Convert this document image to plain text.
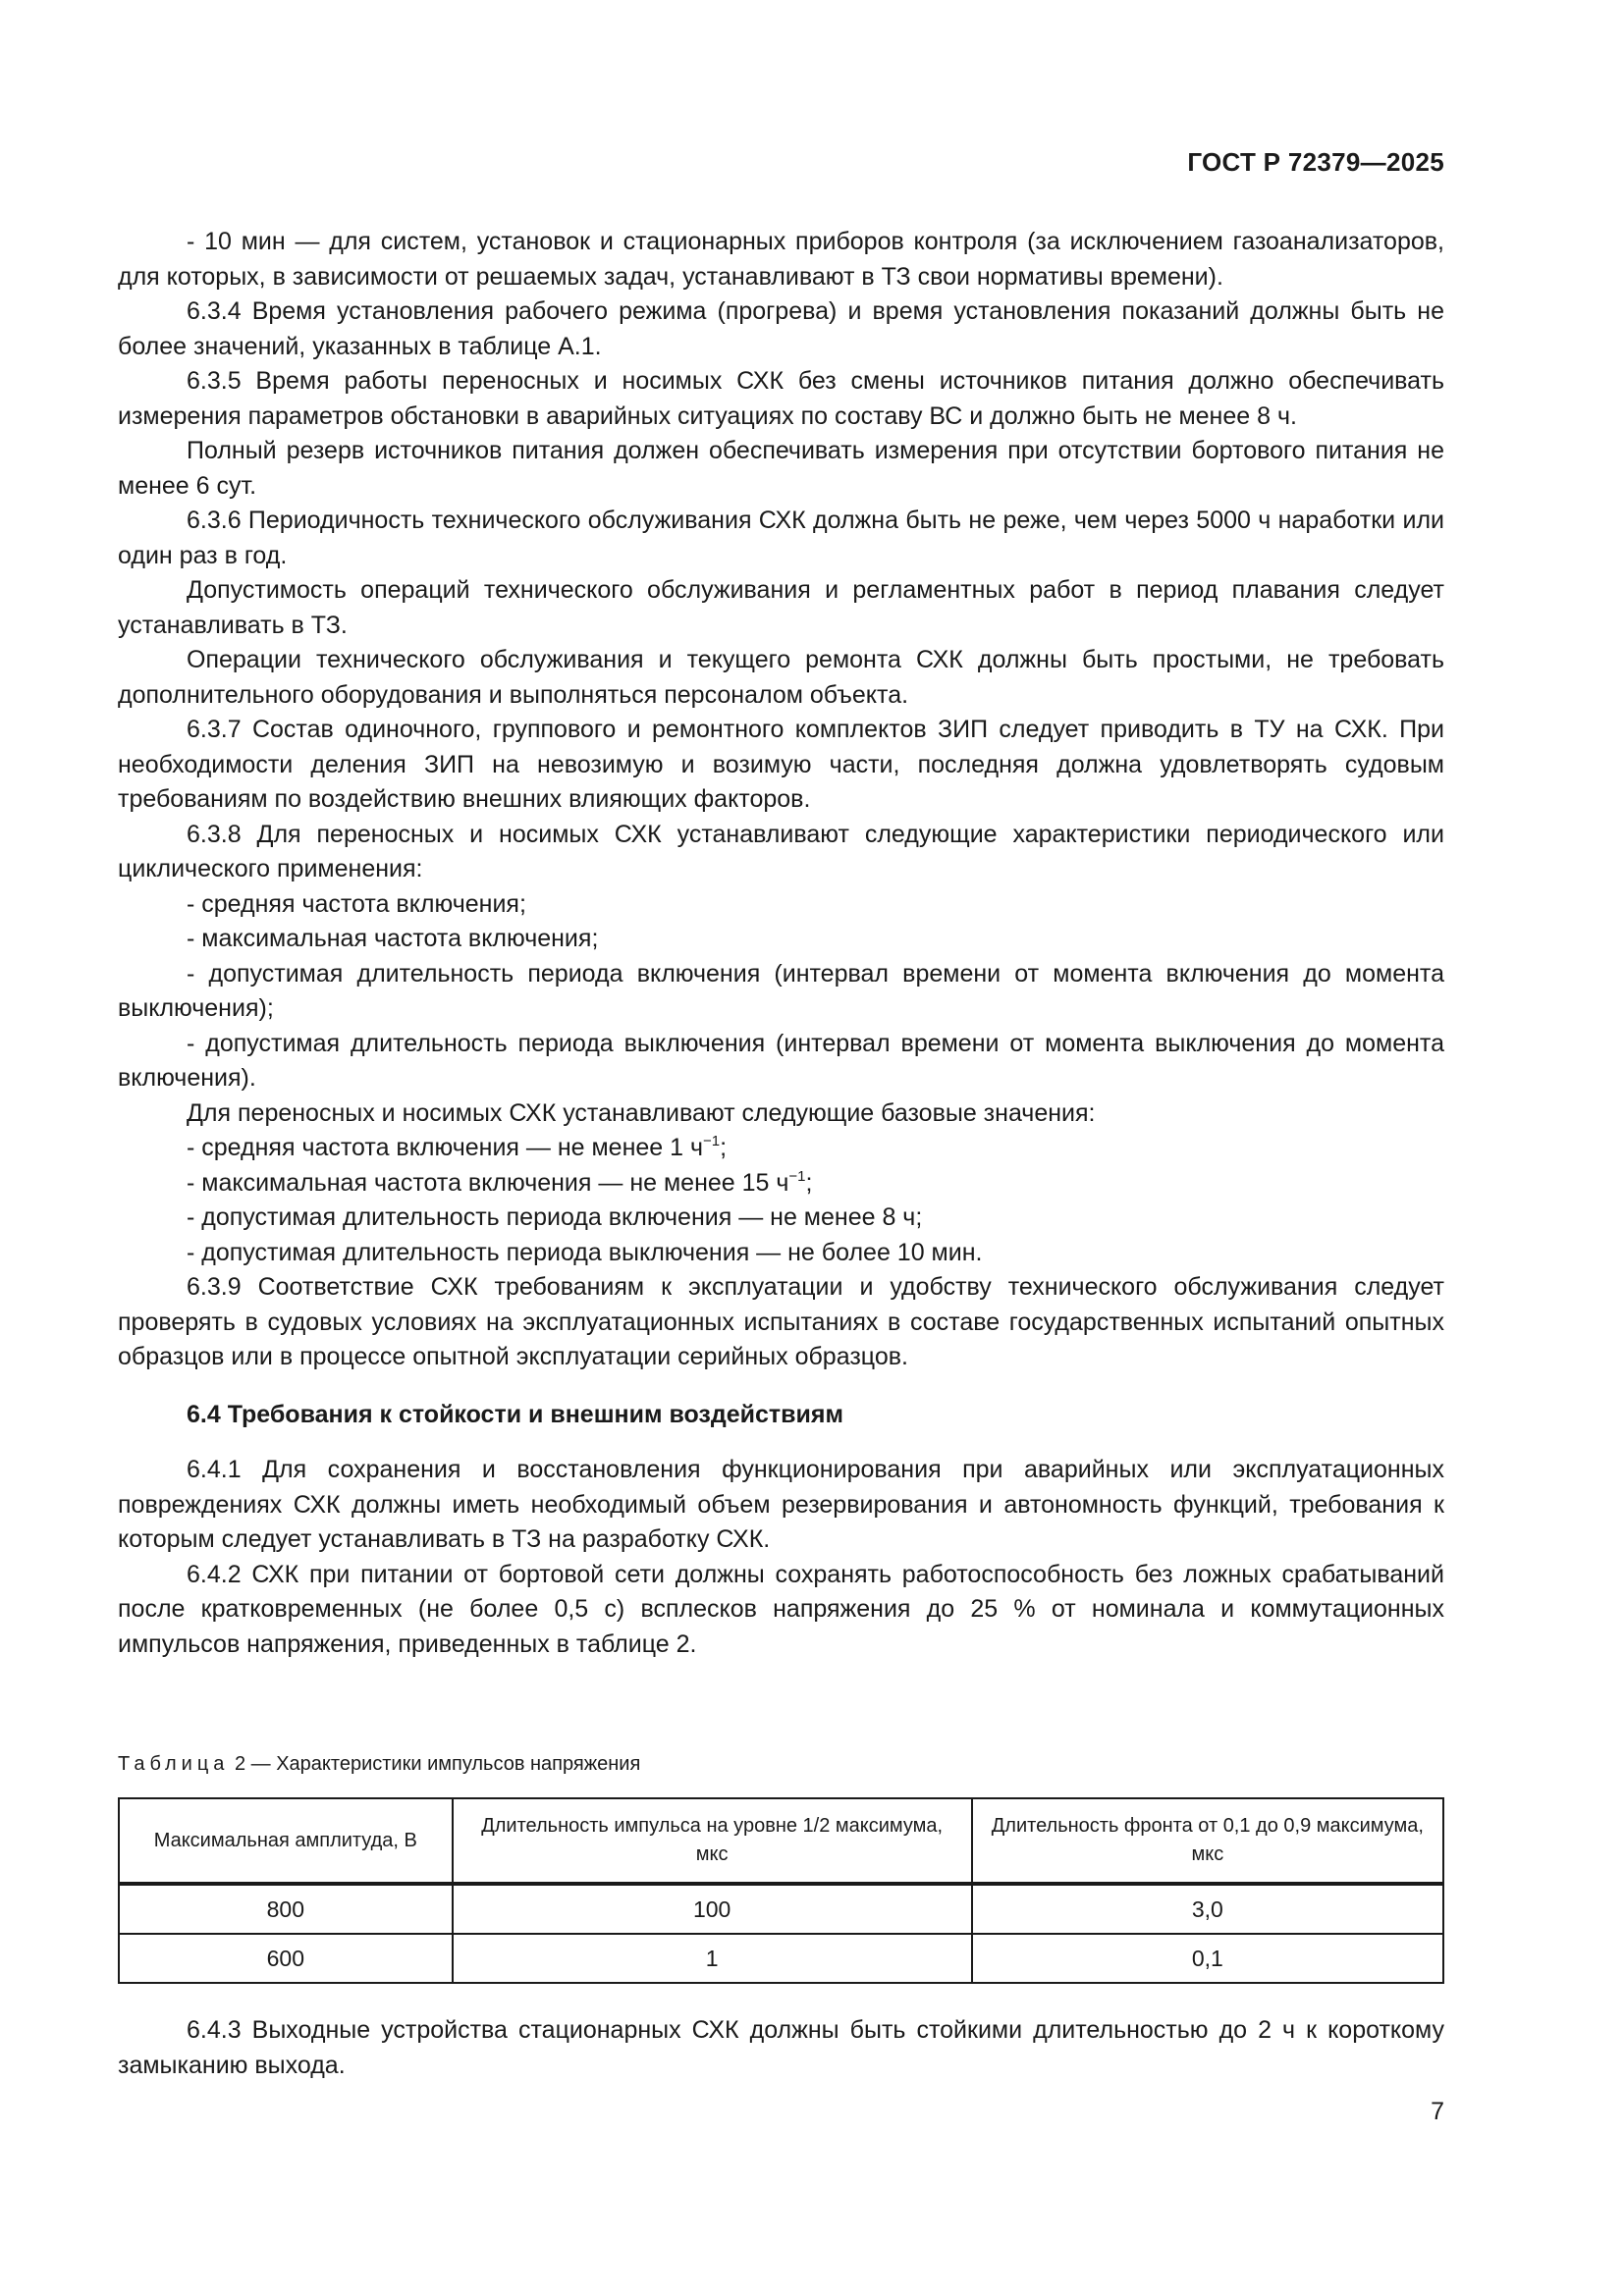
ГОСТ Р 72379—2025

- 10 мин — для систем, установок и стационарных приборов контроля (за исключением газоанализаторов, для которых, в зависимости от решаемых задач, устанавливают в ТЗ свои нормативы времени).

6.3.4 Время установления рабочего режима (прогрева) и время установления показаний должны быть не более значений, указанных в таблице А.1.

6.3.5 Время работы переносных и носимых СХК без смены источников питания должно обеспечивать измерения параметров обстановки в аварийных ситуациях по составу ВС и должно быть не менее 8 ч.

Полный резерв источников питания должен обеспечивать измерения при отсутствии бортового питания не менее 6 сут.

6.3.6 Периодичность технического обслуживания СХК должна быть не реже, чем через 5000 ч наработки или один раз в год.

Допустимость операций технического обслуживания и регламентных работ в период плавания следует устанавливать в ТЗ.

Операции технического обслуживания и текущего ремонта СХК должны быть простыми, не требовать дополнительного оборудования и выполняться персоналом объекта.

6.3.7 Состав одиночного, группового и ремонтного комплектов ЗИП следует приводить в ТУ на СХК. При необходимости деления ЗИП на невозимую и возимую части, последняя должна удовлетворять судовым требованиям по воздействию внешних влияющих факторов.

6.3.8 Для переносных и носимых СХК устанавливают следующие характеристики периодического или циклического применения:

- средняя частота включения;

- максимальная частота включения;

- допустимая длительность периода включения (интервал времени от момента включения до момента выключения);

- допустимая длительность периода выключения (интервал времени от момента выключения до момента включения).

Для переносных и носимых СХК устанавливают следующие базовые значения:

- средняя частота включения — не менее 1 $ч^{-1}$;

- максимальная частота включения — не менее 15 $ч^{-1}$;

- допустимая длительность периода включения — не менее 8 ч;

- допустимая длительность периода выключения — не более 10 мин.

6.3.9 Соответствие СХК требованиям к эксплуатации и удобству технического обслуживания следует проверять в судовых условиях на эксплуатационных испытаниях в составе государственных испытаний опытных образцов или в процессе опытной эксплуатации серийных образцов.

6.4 Требования к стойкости и внешним воздействиям

6.4.1 Для сохранения и восстановления функционирования при аварийных или эксплуатационных повреждениях СХК должны иметь необходимый объем резервирования и автономность функций, требования к которым следует устанавливать в ТЗ на разработку СХК.

6.4.2 СХК при питании от бортовой сети должны сохранять работоспособность без ложных срабатываний после кратковременных (не более 0,5 с) всплесков напряжения до 25 % от номинала и коммутационных импульсов напряжения, приведенных в таблице 2.

Таблица 2 — Характеристики импульсов напряжения
Максимальная амплитуда, В	Длительность импульса на уровне 1/2 максимума, мкс	Длительность фронта от 0,1 до 0,9 максимума, мкс
800	100	3,0
600	1	0,1

6.4.3 Выходные устройства стационарных СХК должны быть стойкими длительностью до 2 ч к короткому замыканию выхода.

7
